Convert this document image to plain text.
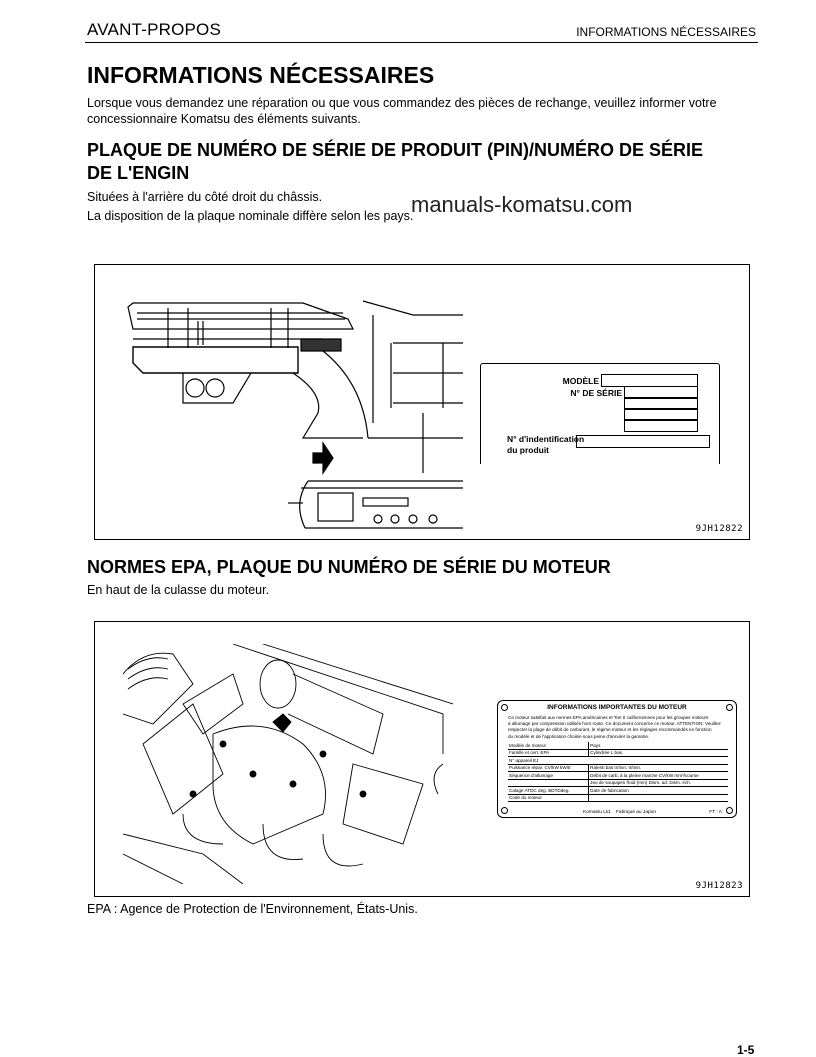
AVANT-PROPOS	INFORMATIONS NÉCESSAIRES
INFORMATIONS NÉCESSAIRES
Lorsque vous demandez une réparation ou que vous commandez des pièces de rechange, veuillez informer votre
concessionnaire Komatsu des éléments suivants.
PLAQUE DE NUMÉRO DE SÉRIE DE PRODUIT (PIN)/NUMÉRO DE SÉRIE
DE L'ENGIN
Situées à l'arrière du côté droit du châssis.
La disposition de la plaque nominale diffère selon les pays.
manuals-komatsu.com
MODÈLE
N° DE SÉRIE
N° d'indentification
du produit
9JH12822
NORMES EPA, PLAQUE DU NUMÉRO DE SÉRIE DU MOTEUR
En haut de la culasse du moteur.
INFORMATIONS IMPORTANTES DU MOTEUR
Ce moteur satisfait aux normes EPA américaines et Tier II californiennes pour les groupes moteurs
à allumage par compression utilisés hors route. Ce document concerne ce moteur. ATTENTION: Veuillez
respecter la plage de débit de carburant, le régime moteur et les réglages recommandés en fonction
du modèle et de l'application choisie sous peine d'annuler la garantie.
Modèle de moteur	Pays
Famille et cert. EPA	Cylindrée L bas.
N° appareil EJ	
Puissance répar. CV/kW kW/tr	Ralenti bas tr/min. tr/min.
Séquence d'allumage	Débit de carb. à la pleine marche CV/kW mm³/course
	Jeu de soupapes froid (mm) Dism. ad. Dism. éch.
Calage ATDC deg. BDTDdeg.	Date de fabrication
Code du moteur	
Komatsu Ltd. Fabriqué au Japon	FT : A
9JH12823
EPA : Agence de Protection de l'Environnement, États-Unis.
1-5
